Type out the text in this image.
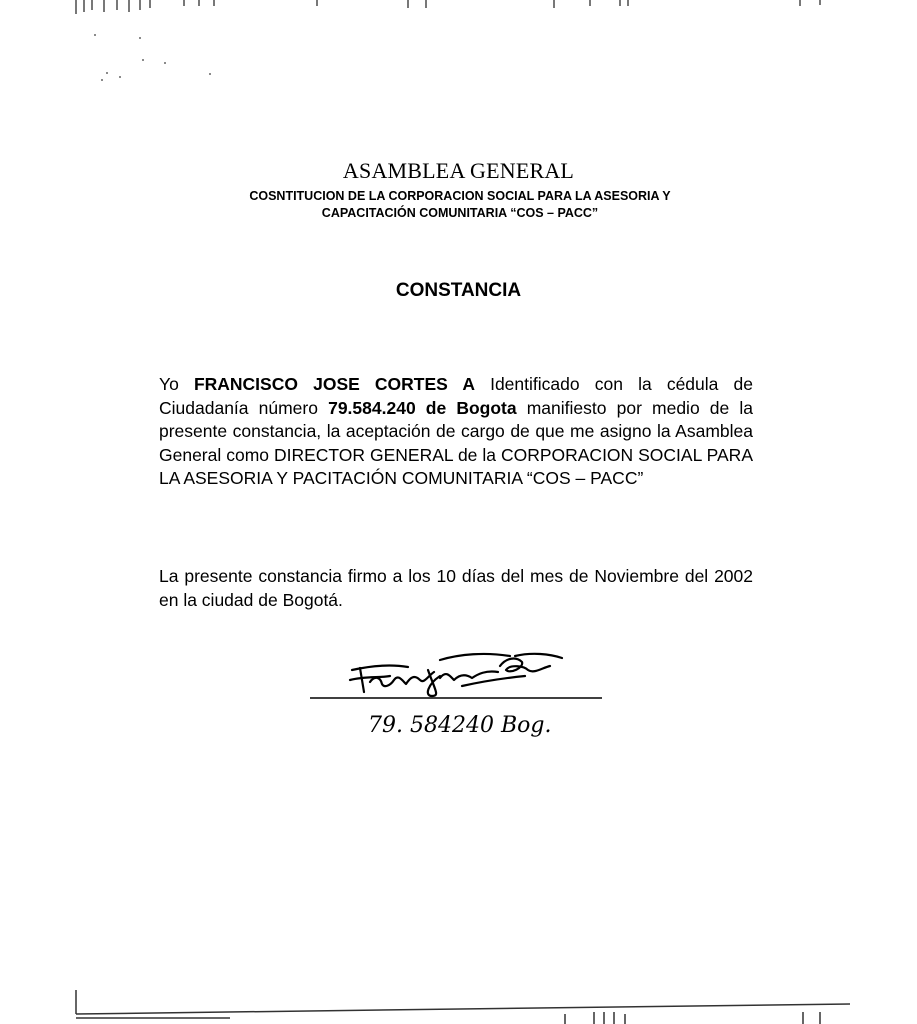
ASAMBLEA GENERAL
COSNTITUCION DE LA CORPORACION SOCIAL PARA LA ASESORIA Y
CAPACITACIÓN COMUNITARIA “COS – PACC”
CONSTANCIA
Yo FRANCISCO JOSE CORTES A Identificado con la cédula de Ciudadanía número 79.584.240 de Bogota manifiesto por medio de la presente constancia, la aceptación de cargo de que me asigno la Asamblea General como DIRECTOR GENERAL de la CORPORACION SOCIAL PARA LA ASESORIA Y PACITACIÓN COMUNITARIA “COS – PACC”
La presente constancia firmo a los 10 días del mes de Noviembre del 2002 en la ciudad de Bogotá.
79. 584240 Bog.
